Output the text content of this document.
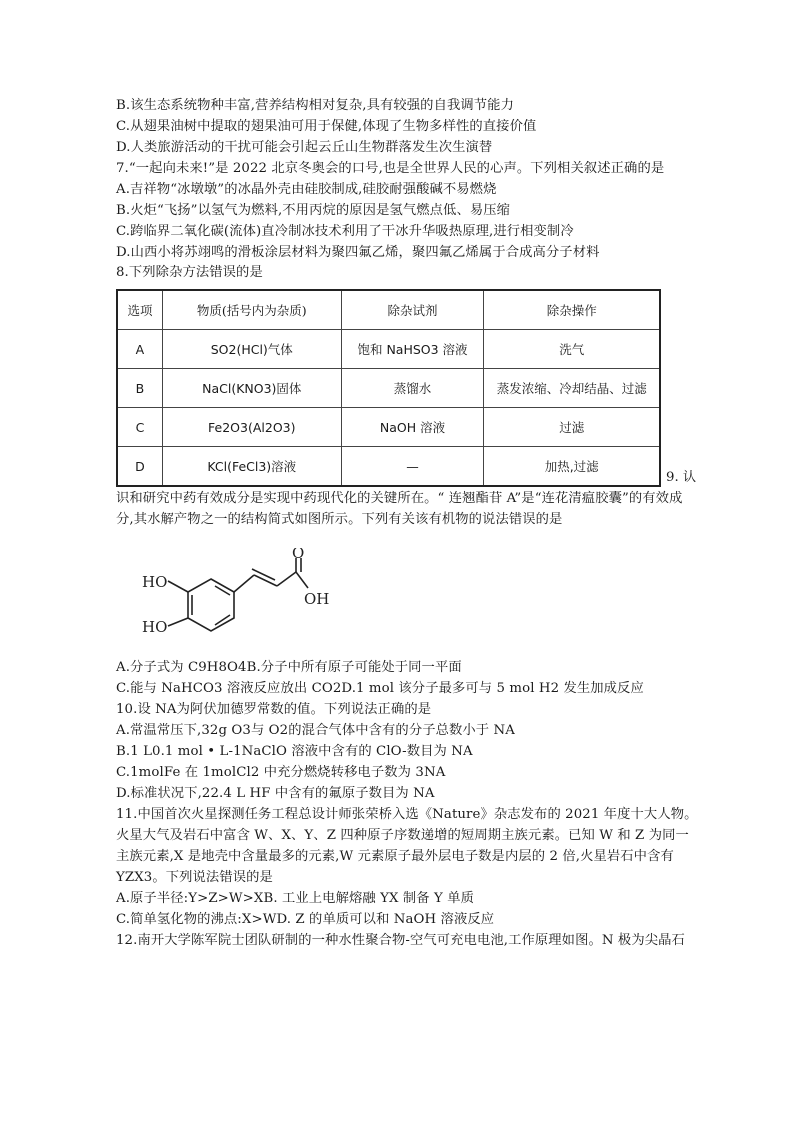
B.该生态系统物种丰富,营养结构相对复杂,具有较强的自我调节能力
C.从翅果油树中提取的翅果油可用于保健,体现了生物多样性的直接价值
D.人类旅游活动的干扰可能会引起云丘山生物群落发生次生演替
7.“一起向未来!”是 2022 北京冬奥会的口号,也是全世界人民的心声。下列相关叙述正确的是
A.吉祥物“冰墩墩”的冰晶外壳由硅胶制成,硅胶耐强酸碱不易燃烧
B.火炬“飞扬”以氢气为燃料,不用丙烷的原因是氢气燃点低、易压缩
C.跨临界二氧化碳(流体)直冷制冰技术利用了干冰升华吸热原理,进行相变制冷
D.山西小将苏翊鸣的滑板涂层材料为聚四氟乙烯，聚四氟乙烯属于合成高分子材料
8.下列除杂方法错误的是
选项	物质(括号内为杂质)	除杂试剂	除杂操作
A	SO2(HCl)气体	饱和 NaHSO3 溶液	洗气
B	NaCl(KNO3)固体	蒸馏水	蒸发浓缩、冷却结晶、过滤
C	Fe2O3(Al2O3)	NaOH 溶液	过滤
D	KCl(FeCl3)溶液	—	加热,过滤
9. 认
识和研究中药有效成分是实现中药现代化的关键所在。“ 连翘酯苷 A”是“连花清瘟胶囊”的有效成
分,其水解产物之一的结构简式如图所示。下列有关该有机物的说法错误的是
HO
HO
O
OH
A.分子式为 C9H8O4B.分子中所有原子可能处于同一平面
C.能与 NaHCO3 溶液反应放出 CO2D.1 mol 该分子最多可与 5 mol H2 发生加成反应
10.设 NA为阿伏加德罗常数的值。下列说法正确的是
A.常温常压下,32g O3与 O2的混合气体中含有的分子总数小于 NA
B.1 L0.1 mol • L-1NaClO 溶液中含有的 ClO-数目为 NA
C.1molFe 在 1molCl2 中充分燃烧转移电子数为 3NA
D.标准状况下,22.4 L HF 中含有的氟原子数目为 NA
11.中国首次火星探测任务工程总设计师张荣桥入选《Nature》杂志发布的 2021 年度十大人物。
火星大气及岩石中富含 W、X、Y、Z 四种原子序数递增的短周期主族元素。已知 W 和 Z 为同一
主族元素,X 是地壳中含量最多的元素,W 元素原子最外层电子数是内层的 2 倍,火星岩石中含有
YZX3。下列说法错误的是
A.原子半径:Y>Z>W>XB. 工业上电解熔融 YX 制备 Y 单质
C.简单氢化物的沸点:X>WD. Z 的单质可以和 NaOH 溶液反应
12.南开大学陈军院士团队研制的一种水性聚合物-空气可充电电池,工作原理如图。N 极为尖晶石
